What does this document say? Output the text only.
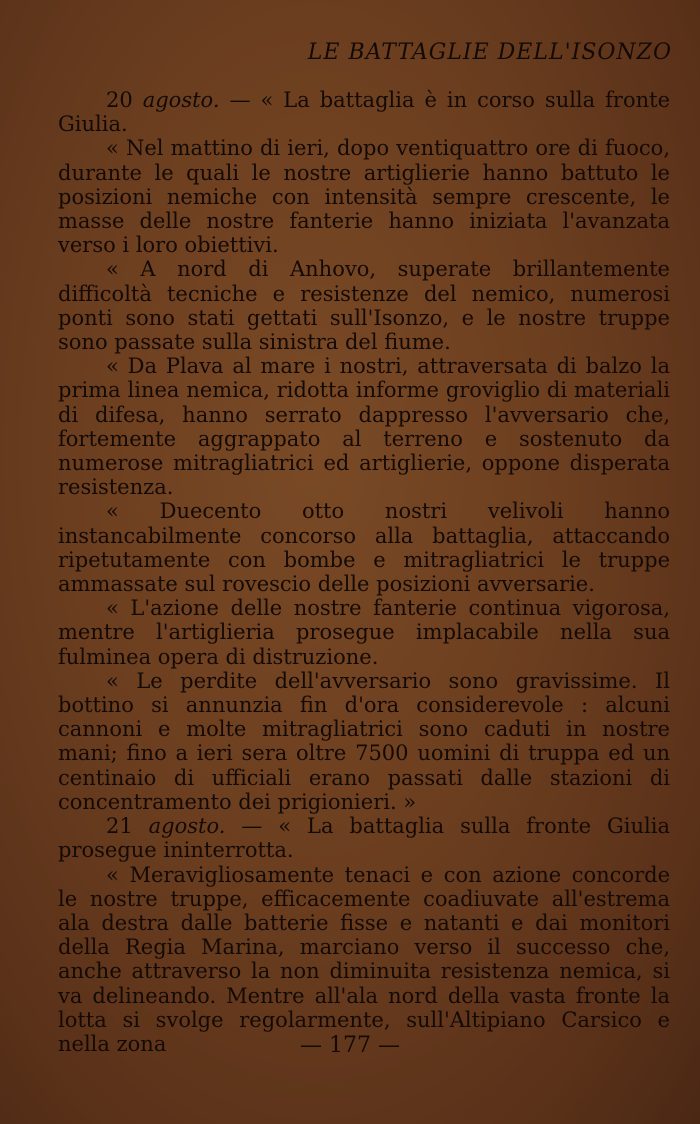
LE BATTAGLIE DELL'ISONZO

20 agosto. — « La battaglia è in corso sulla fronte Giulia.

« Nel mattino di ieri, dopo ventiquattro ore di fuoco, durante le quali le nostre artiglierie hanno battuto le posizioni nemiche con intensità sempre crescente, le masse delle nostre fanterie hanno iniziata l'avanzata verso i loro obiettivi.

« A nord di Anhovo, superate brillantemente difficoltà tecniche e resistenze del nemico, numerosi ponti sono stati gettati sull'Isonzo, e le nostre truppe sono passate sulla sinistra del fiume.

« Da Plava al mare i nostri, attraversata di balzo la prima linea nemica, ridotta informe groviglio di materiali di difesa, hanno serrato dappresso l'avversario che, fortemente aggrappato al terreno e sostenuto da numerose mitragliatrici ed artiglierie, oppone disperata resistenza.

« Duecento otto nostri velivoli hanno instancabilmente concorso alla battaglia, attaccando ripetutamente con bombe e mitragliatrici le truppe ammassate sul rovescio delle posizioni avversarie.

« L'azione delle nostre fanterie continua vigorosa, mentre l'artiglieria prosegue implacabile nella sua fulminea opera di distruzione.

« Le perdite dell'avversario sono gravissime. Il bottino si annunzia fin d'ora considerevole : alcuni cannoni e molte mitragliatrici sono caduti in nostre mani; fino a ieri sera oltre 7500 uomini di truppa ed un centinaio di ufficiali erano passati dalle stazioni di concentramento dei prigionieri. »

21 agosto. — « La battaglia sulla fronte Giulia prosegue ininterrotta.

« Meravigliosamente tenaci e con azione concorde le nostre truppe, efficacemente coadiuvate all'estrema ala destra dalle batterie fisse e natanti e dai monitori della Regia Marina, marciano verso il successo che, anche attraverso la non diminuita resistenza nemica, si va delineando. Mentre all'ala nord della vasta fronte la lotta si svolge regolarmente, sull'Altipiano Carsico e nella zona	— 177 —
